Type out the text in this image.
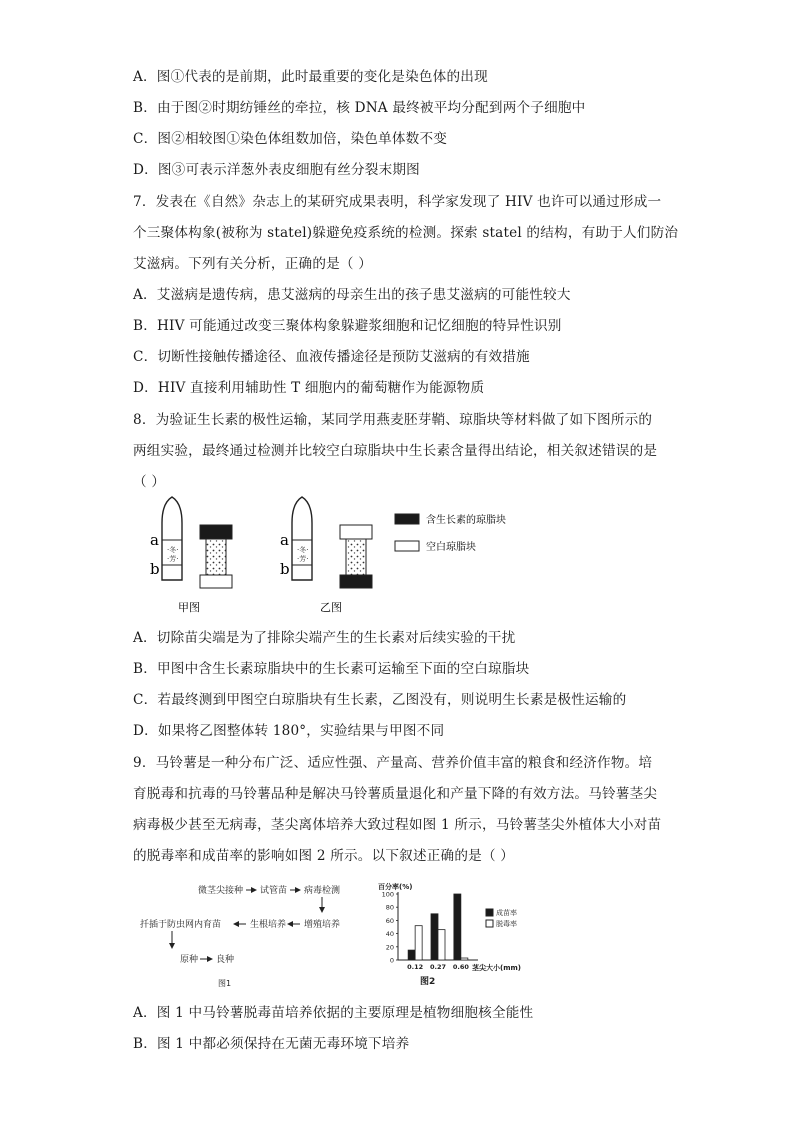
A．图①代表的是前期，此时最重要的变化是染色体的出现
B．由于图②时期纺锤丝的牵拉，核 DNA 最终被平均分配到两个子细胞中
C．图②相较图①染色体组数加倍，染色单体数不变
D．图③可表示洋葱外表皮细胞有丝分裂末期图
7．发表在《自然》杂志上的某研究成果表明，科学家发现了 HIV 也许可以通过形成一
个三聚体构象(被称为 statel)躲避免疫系统的检测。探索 statel 的结构，有助于人们防治
艾滋病。下列有关分析，正确的是（ ）
A．艾滋病是遗传病，患艾滋病的母亲生出的孩子患艾滋病的可能性较大
B．HIV 可能通过改变三聚体构象躲避浆细胞和记忆细胞的特异性识别
C．切断性接触传播途径、血液传播途径是预防艾滋病的有效措施
D．HIV 直接利用辅助性 T 细胞内的葡萄糖作为能源物质
8．为验证生长素的极性运输，某同学用燕麦胚芽鞘、琼脂块等材料做了如下图所示的
两组实验，最终通过检测并比较空白琼脂块中生长素含量得出结论，相关叙述错误的是
（ ）
A．切除苗尖端是为了排除尖端产生的生长素对后续实验的干扰
B．甲图中含生长素琼脂块中的生长素可运输至下面的空白琼脂块
C．若最终测到甲图空白琼脂块有生长素，乙图没有，则说明生长素是极性运输的
D．如果将乙图整体转 180°，实验结果与甲图不同
9．马铃薯是一种分布广泛、适应性强、产量高、营养价值丰富的粮食和经济作物。培
育脱毒和抗毒的马铃薯品种是解决马铃薯质量退化和产量下降的有效方法。马铃薯茎尖
病毒极少甚至无病毒，茎尖离体培养大致过程如图 1 所示，马铃薯茎尖外植体大小对苗
的脱毒率和成苗率的影响如图 2 所示。以下叙述正确的是（ ）
A．图 1 中马铃薯脱毒苗培养依据的主要原理是植物细胞核全能性
B．图 1 中都必须保持在无菌无毒环境下培养
·冬·
·芳·
a
b
甲图
·冬·
·芳·
a
b
乙图
含生长素的琼脂块
空白琼脂块
微茎尖接种 试管苗 病毒检测
增殖培养
生根培养
扦插于防虫网内育苗
原种 良种
图1
百分率(%)
茎尖大小(mm)
图2
成苗率
脱毒率
0
20
40
60
80
100
0.12 0.27 0.60
